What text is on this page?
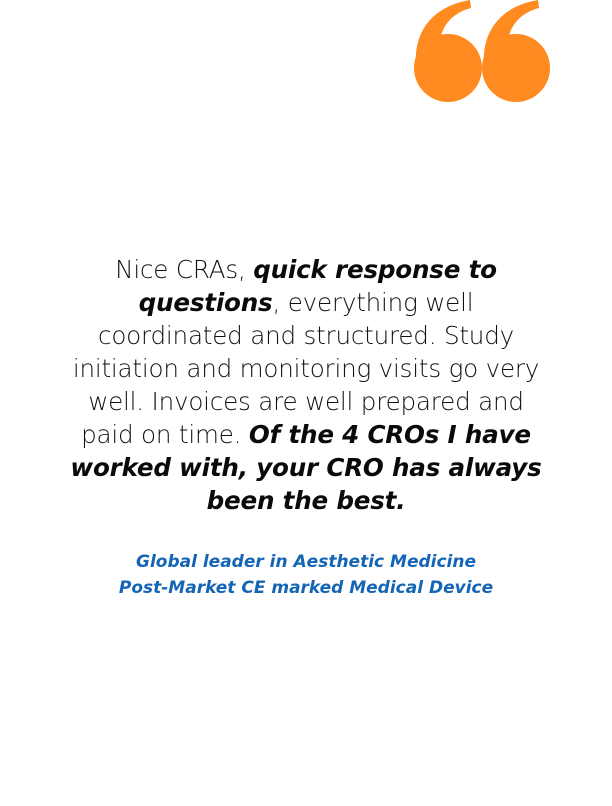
Nice CRAs, quick response to questions, everything well coordinated and structured. Study initiation and monitoring visits go very well. Invoices are well prepared and paid on time. Of the 4 CROs I have worked with, your CRO has always been the best.
Global leader in Aesthetic Medicine
Post-Market CE marked Medical Device
